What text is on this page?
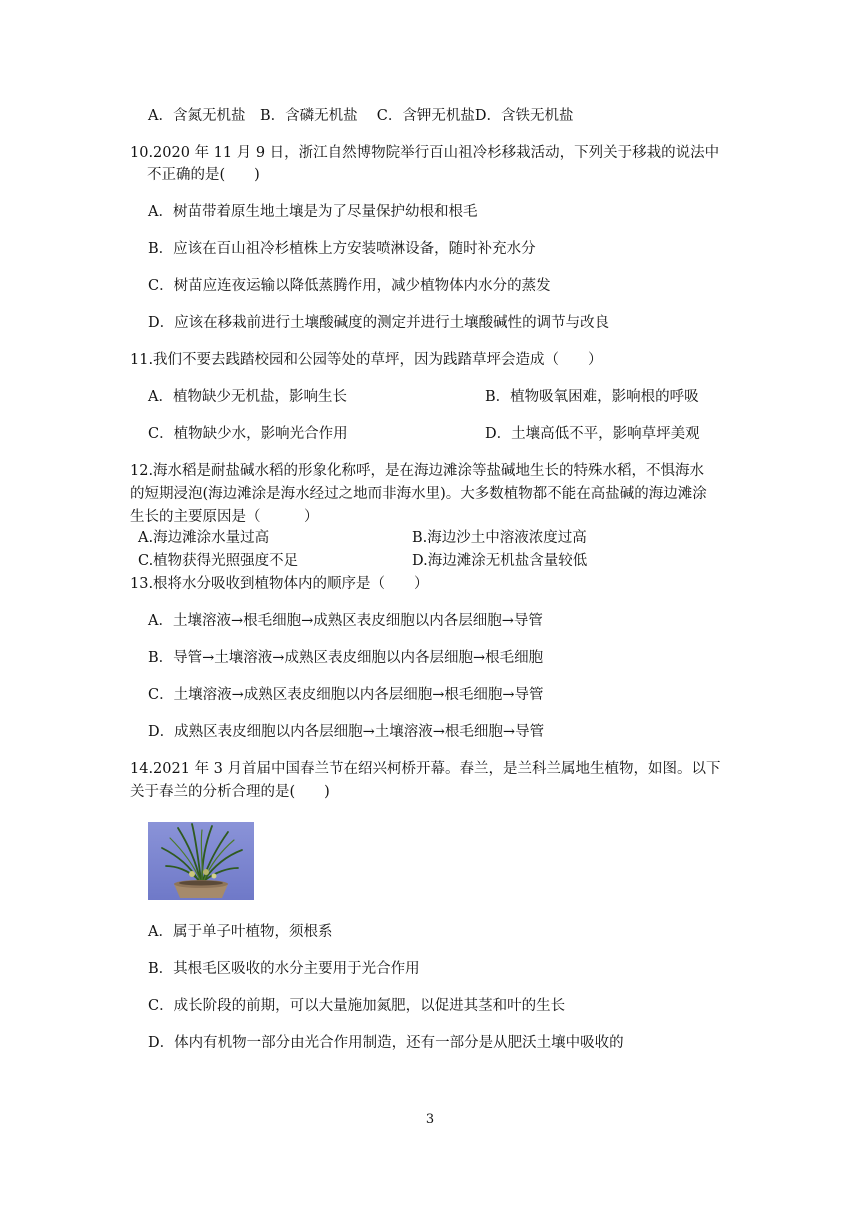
A．含氮无机盐　B．含磷无机盐　 C．含钾无机盐D．含铁无机盐
10.2020 年 11 月 9 日，浙江自然博物院举行百山祖冷杉移栽活动，下列关于移栽的说法中
不正确的是(　　)
A．树苗带着原生地土壤是为了尽量保护幼根和根毛
B．应该在百山祖冷杉植株上方安装喷淋设备，随时补充水分
C．树苗应连夜运输以降低蒸腾作用，减少植物体内水分的蒸发
D．应该在移栽前进行土壤酸碱度的测定并进行土壤酸碱性的调节与改良
11.我们不要去践踏校园和公园等处的草坪，因为践踏草坪会造成（　　）
A．植物缺少无机盐，影响生长	B．植物吸氧困难，影响根的呼吸
C．植物缺少水，影响光合作用	D．土壤高低不平，影响草坪美观
12.海水稻是耐盐碱水稻的形象化称呼，是在海边滩涂等盐碱地生长的特殊水稻，不惧海水
的短期浸泡(海边滩涂是海水经过之地而非海水里)。大多数植物都不能在高盐碱的海边滩涂
生长的主要原因是（　　　）
A.海边滩涂水量过高	B.海边沙土中溶液浓度过高
C.植物获得光照强度不足	D.海边滩涂无机盐含量较低
13.根将水分吸收到植物体内的顺序是（　　）
A．土壤溶液→根毛细胞→成熟区表皮细胞以内各层细胞→导管
B．导管→土壤溶液→成熟区表皮细胞以内各层细胞→根毛细胞
C．土壤溶液→成熟区表皮细胞以内各层细胞→根毛细胞→导管
D．成熟区表皮细胞以内各层细胞→土壤溶液→根毛细胞→导管
14.2021 年 3 月首届中国春兰节在绍兴柯桥开幕。春兰，是兰科兰属地生植物，如图。以下
关于春兰的分析合理的是(　　)
A．属于单子叶植物，须根系
B．其根毛区吸收的水分主要用于光合作用
C．成长阶段的前期，可以大量施加氮肥，以促进其茎和叶的生长
D．体内有机物一部分由光合作用制造，还有一部分是从肥沃土壤中吸收的
3
